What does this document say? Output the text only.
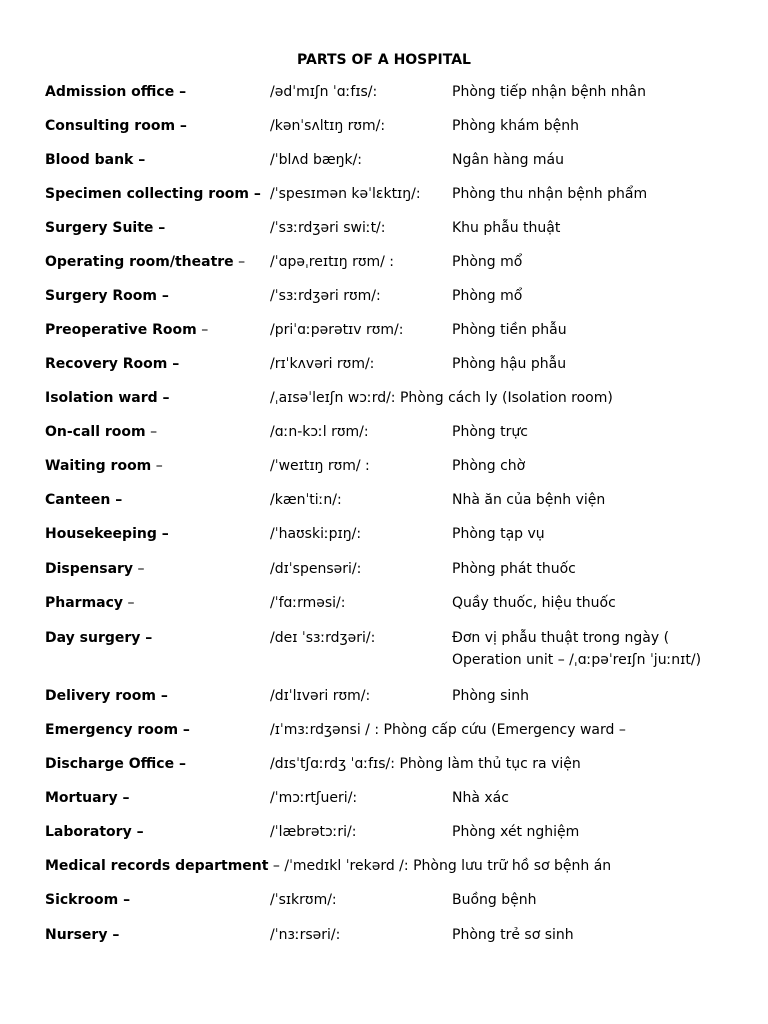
PARTS OF A HOSPITAL
Admission office –	/ədˈmɪʃn ˈɑːfɪs/:	Phòng tiếp nhận bệnh nhân
Consulting room –	/kənˈsʌltɪŋ rʊm/:	Phòng khám bệnh
Blood bank –	/ˈblʌd bæŋk/:	Ngân hàng máu
Specimen collecting room – /ˈspesɪmən kəˈlɛktɪŋ/: Phòng thu nhận bệnh phẩm
Surgery Suite –	/ˈsɜːrdʒəri swiːt/:	Khu phẫu thuật
Operating room/theatre – /ˈɑpəˌreɪtɪŋ rʊm/ :	Phòng mổ
Surgery Room –	/ˈsɜːrdʒəri rʊm/:	Phòng mổ
Preoperative Room –	/priˈɑːpərətɪv rʊm/:	Phòng tiền phẫu
Recovery Room –	/rɪˈkʌvəri rʊm/:	Phòng hậu phẫu
Isolation ward –	/ˌaɪsəˈleɪʃn wɔːrd/: Phòng cách ly (Isolation room)
On-call room –	/ɑːn-kɔːl rʊm/:	Phòng trực
Waiting room –	/ˈweɪtɪŋ rʊm/ :	Phòng chờ
Canteen –	/kænˈtiːn/:	Nhà ăn của bệnh viện
Housekeeping –	/ˈhaʊskiːpɪŋ/:	Phòng tạp vụ
Dispensary –	/dɪˈspensəri/:	Phòng phát thuốc
Pharmacy –	/ˈfɑːrməsi/:	Quầy thuốc, hiệu thuốc
Day surgery –	/deɪ ˈsɜːrdʒəri/:	Đơn vị phẫu thuật trong ngày (
Operation unit – /ˌɑːpəˈreɪʃn ˈjuːnɪt/)
Delivery room –	/dɪˈlɪvəri rʊm/:	Phòng sinh
Emergency room –	/ɪˈmɜːrdʒənsi / : Phòng cấp cứu (Emergency ward –
Discharge Office –	/dɪsˈtʃɑːrdʒ ˈɑːfɪs/: Phòng làm thủ tục ra viện
Mortuary –	/ˈmɔːrtʃueri/:	Nhà xác
Laboratory –	/ˈlæbrətɔːri/:	Phòng xét nghiệm
Medical records department – /ˈmedɪkl ˈrekərd /: Phòng lưu trữ hồ sơ bệnh án
Sickroom –	/ˈsɪkrʊm/:	Buồng bệnh
Nursery –	/ˈnɜːrsəri/:	Phòng trẻ sơ sinh
